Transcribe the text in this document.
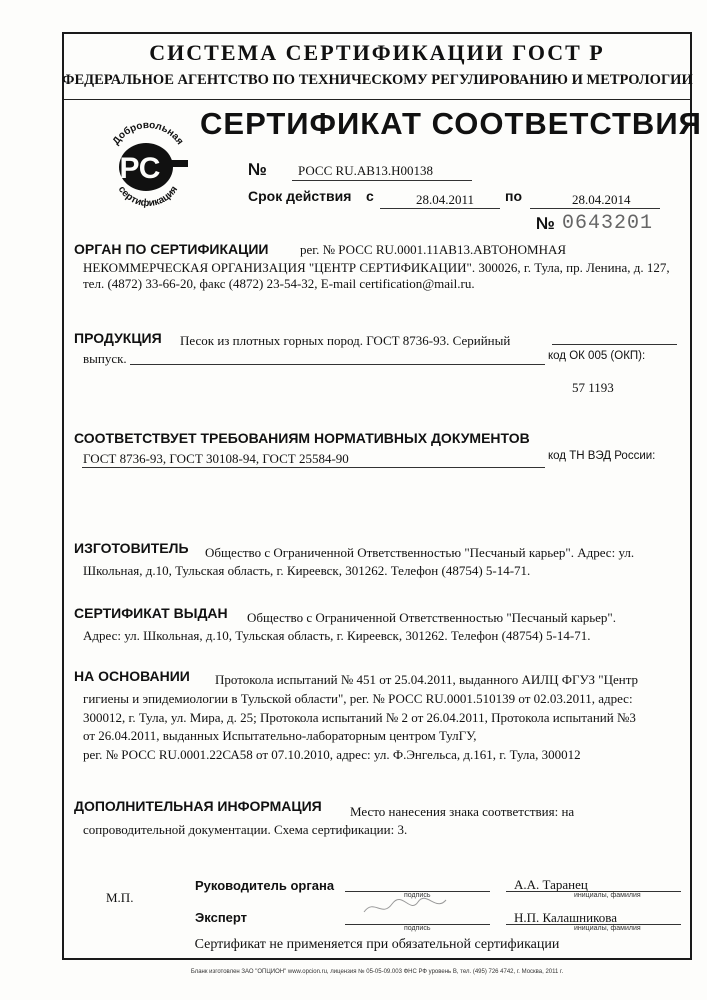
СИСТЕМА СЕРТИФИКАЦИИ ГОСТ Р
ФЕДЕРАЛЬНОЕ АГЕНТСТВО ПО ТЕХНИЧЕСКОМУ РЕГУЛИРОВАНИЮ И МЕТРОЛОГИИ
Добровольная
РС
сертификация
СЕРТИФИКАТ СООТВЕТСТВИЯ
№ РОСС RU.АВ13.Н00138
Срок действия с	28.04.2011 по	28.04.2014
№ 0643201
ОРГАН ПО СЕРТИФИКАЦИИ рег. № РОСС RU.0001.11АВ13.АВТОНОМНАЯ
НЕКОММЕРЧЕСКАЯ ОРГАНИЗАЦИЯ "ЦЕНТР СЕРТИФИКАЦИИ". 300026, г. Тула, пр. Ленина, д. 127,
тел. (4872) 33-66-20, факс (4872) 23-54-32, E-mail certification@mail.ru.
ПРОДУКЦИЯ Песок из плотных горных пород. ГОСТ 8736-93. Серийный
выпуск.	код ОК 005 (ОКП):
57 1193
СООТВЕТСТВУЕТ ТРЕБОВАНИЯМ НОРМАТИВНЫХ ДОКУМЕНТОВ
ГОСТ 8736-93, ГОСТ 30108-94, ГОСТ 25584-90	код ТН ВЭД России:
ИЗГОТОВИТЕЛЬ Общество с Ограниченной Ответственностью "Песчаный карьер". Адрес: ул.
Школьная, д.10, Тульская область, г. Киреевск, 301262. Телефон (48754) 5-14-71.
СЕРТИФИКАТ ВЫДАН Общество с Ограниченной Ответственностью "Песчаный карьер".
Адрес: ул. Школьная, д.10, Тульская область, г. Киреевск, 301262. Телефон (48754) 5-14-71.
НА ОСНОВАНИИ Протокола испытаний № 451 от 25.04.2011, выданного АИЛЦ ФГУЗ "Центр
гигиены и эпидемиологии в Тульской области", рег. № РОСС RU.0001.510139 от 02.03.2011, адрес:
300012, г. Тула, ул. Мира, д. 25; Протокола испытаний № 2 от 26.04.2011, Протокола испытаний №3
от 26.04.2011, выданных Испытательно-лабораторным центром ТулГУ,
рег. № РОСС RU.0001.22СА58 от 07.10.2010, адрес: ул. Ф.Энгельса, д.161, г. Тула, 300012
ДОПОЛНИТЕЛЬНАЯ ИНФОРМАЦИЯ Место нанесения знака соответствия: на
сопроводительной документации. Схема сертификации: 3.
М.П.
Руководитель органа
подпись
А.А. Таранец
инициалы, фамилия
Эксперт
подпись
Н.П. Калашникова
инициалы, фамилия
Сертификат не применяется при обязательной сертификации
Бланк изготовлен ЗАО "ОПЦИОН" www.opcion.ru, лицензия № 05-05-09.003 ФНС РФ уровень В, тел. (495) 726 4742, г. Москва, 2011 г.
